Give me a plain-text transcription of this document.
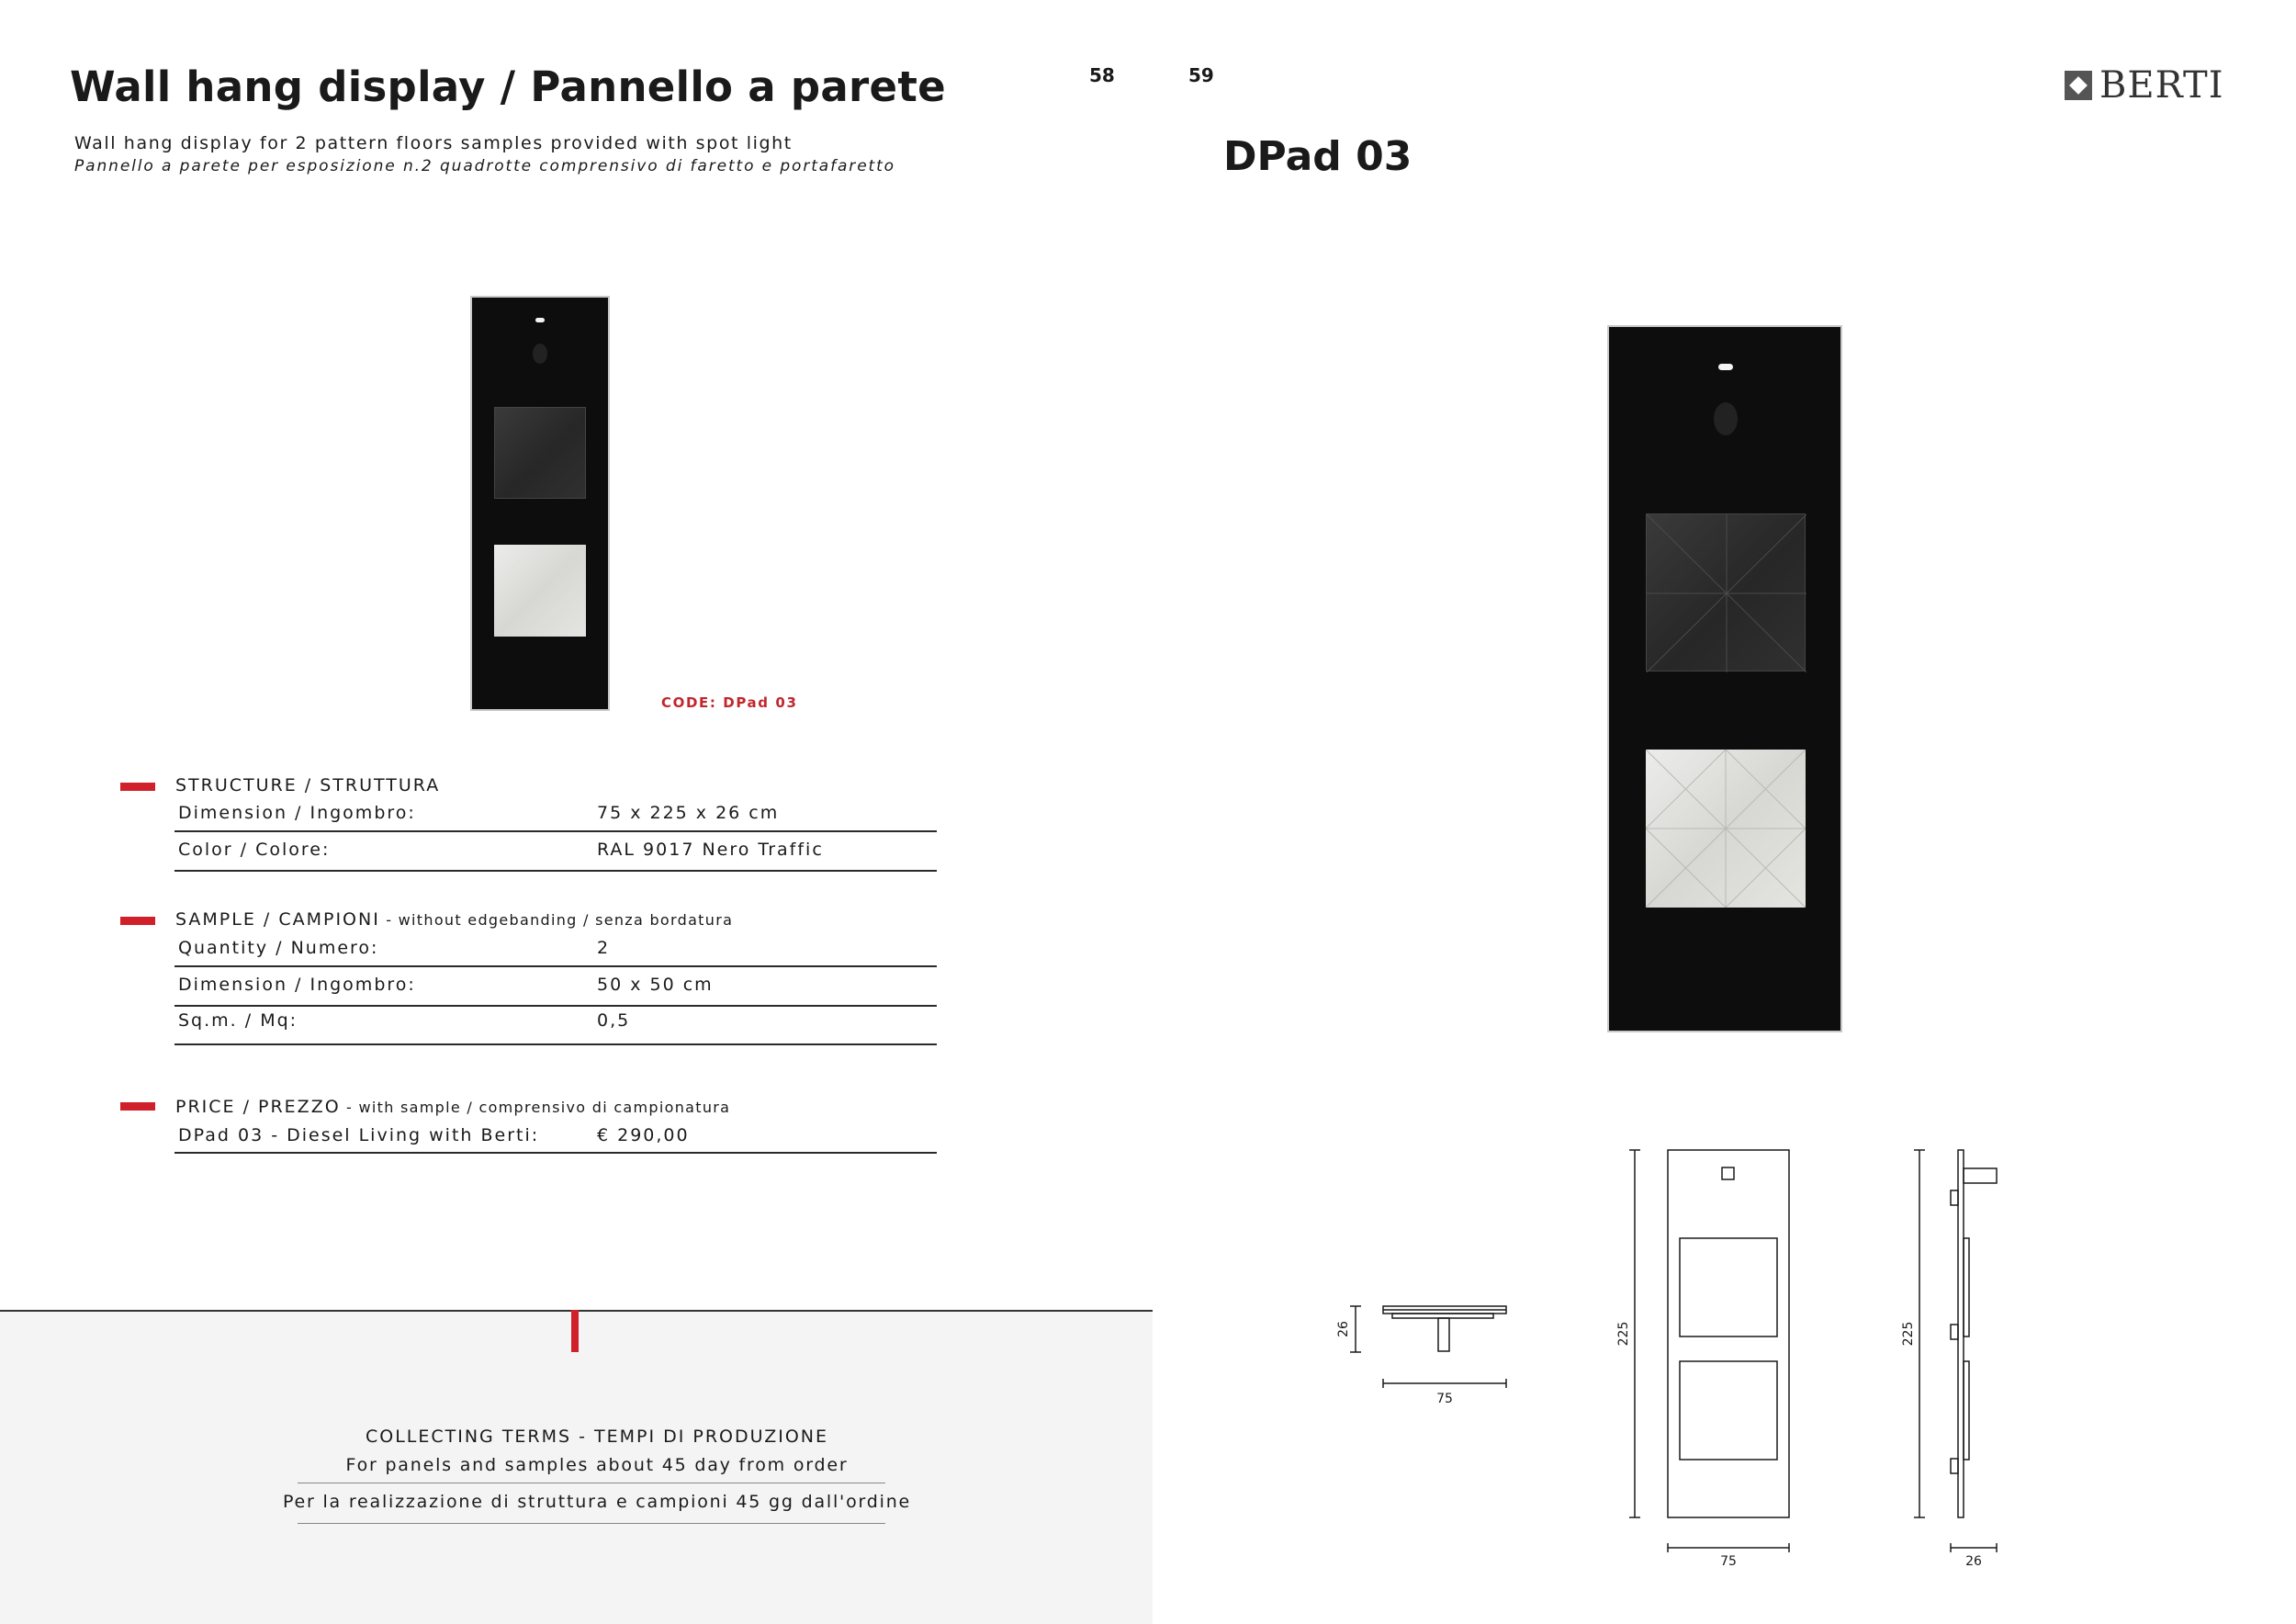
Wall hang display / Pannello a parete
Wall hang display for 2 pattern floors samples provided with spot light
Pannello a parete per esposizione n.2 quadrotte comprensivo di faretto e portafaretto
58	59	BERTI
DPad 03
CODE: DPad 03
STRUCTURE / STRUTTURA
Dimension / Ingombro:	75 x 225 x 26 cm
Color / Colore:	RAL 9017 Nero Traffic
SAMPLE / CAMPIONI - without edgebanding / senza bordatura
Quantity / Numero:	2
Dimension / Ingombro:	50 x 50 cm
Sq.m. / Mq:	0,5
PRICE / PREZZO - with sample / comprensivo di campionatura
DPad 03 - Diesel Living with Berti:	€ 290,00
COLLECTING TERMS - TEMPI DI PRODUZIONE
For panels and samples about 45 day from order
Per la realizzazione di struttura e campioni 45 gg dall'ordine
75
26	225
75
225
26
